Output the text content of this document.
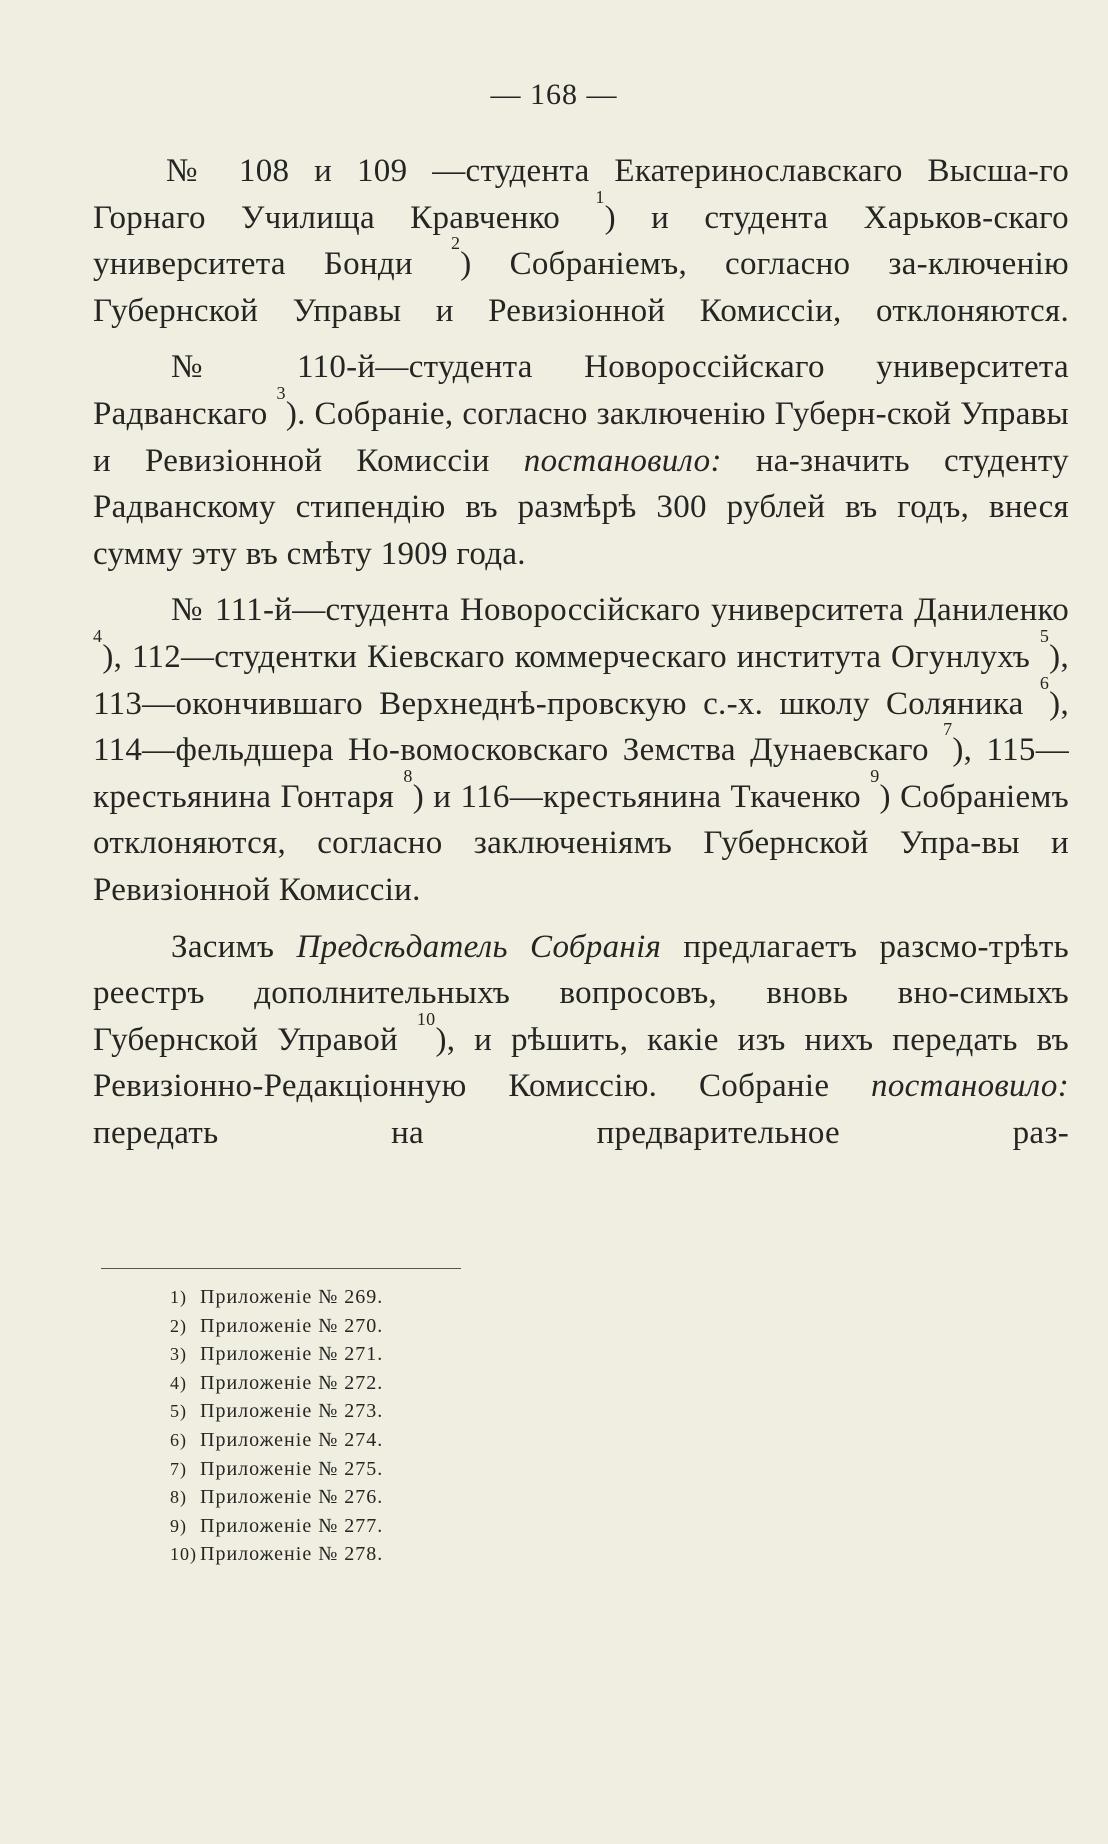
— 168 —

№ 108 и 109 —студента Екатеринославскаго Высша-го Горнаго Училища Кравченко $^1$) и студента Харьков-скаго университета Бонди $^2$) Собраніемъ, согласно за-ключенію Губернской Управы и Ревизіонной Комиссіи, отклоняются.

№ 110-й—студента Новороссійскаго университета Радванскаго $^3$). Собраніе, согласно заключенію Губерн-ской Управы и Ревизіонной Комиссіи постановило: на-значить студенту Радванскому стипендію въ размѣрѣ 300 рублей въ годъ, внеся сумму эту въ смѣту 1909 года.

№ 111-й—студента Новороссійскаго университета Даниленко $^4$), 112—студентки Кіевскаго коммерческаго института Огунлухъ $^5$), 113—окончившаго Верхнеднѣ-провскую с.-х. школу Соляника $^6$), 114—фельдшера Но-вомосковскаго Земства Дунаевскаго $^7$), 115—крестьянина Гонтаря $^8$) и 116—крестьянина Ткаченко $^9$) Собраніемъ отклоняются, согласно заключеніямъ Губернской Упра-вы и Ревизіонной Комиссіи.

Засимъ Предсѣдатель Собранія предлагаетъ разсмо-трѣть реестръ дополнительныхъ вопросовъ, вновь вно-симыхъ Губернской Управой $^{10}$), и рѣшить, какіе изъ нихъ передать въ Ревизіонно-Редакціонную Комиссію. Собраніе постановило: передать на предварительное раз-

1) Приложеніе № 269.
2) Приложеніе № 270.
3) Приложеніе № 271.
4) Приложеніе № 272.
5) Приложеніе № 273.
6) Приложеніе № 274.
7) Приложеніе № 275.
8) Приложеніе № 276.
9) Приложеніе № 277.
10) Приложеніе № 278.
